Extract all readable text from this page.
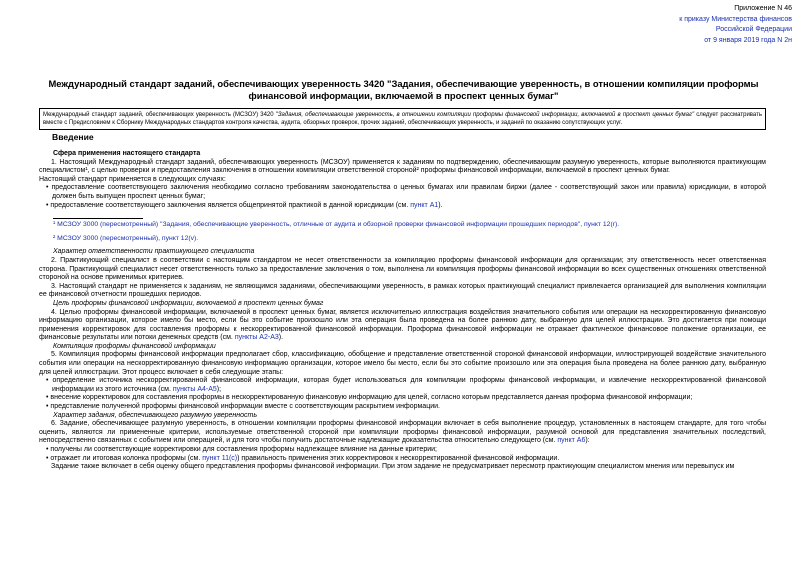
Приложение N 46
к приказу Министерства финансов
Российской Федерации
от 9 января 2019 года N 2н
Международный стандарт заданий, обеспечивающих уверенность 3420 "Задания, обеспечивающие уверенность, в отношении компиляции проформы финансовой информации, включаемой в проспект ценных бумаг"
Международный стандарт заданий, обеспечивающих уверенность (МСЗОУ) 3420 "Задания, обеспечивающие уверенность, в отношении компиляции проформы финансовой информации, включаемой в проспект ценных бумаг" следует рассматривать вместе с Предисловием к Сборнику Международных стандартов контроля качества, аудита, обзорных проверок, прочих заданий, обеспечивающих уверенность, и заданий по оказанию сопутствующих услуг.
Введение

Сфера применения настоящего стандарта

1. Настоящий Международный стандарт заданий, обеспечивающих уверенность (МСЗОУ) применяется к заданиям по подтверждению, обеспечивающим разумную уверенность, которые выполняются практикующим специалистом¹, с целью проверки и предоставления заключения в отношении компиляции ответственной стороной² проформы финансовой информации, включаемой в проспект ценных бумаг.

Настоящий стандарт применяется в следующих случаях:

• предоставление соответствующего заключения необходимо согласно требованиям законодательства о ценных бумагах или правилам биржи (далее - соответствующий закон или правила) юрисдикции, в которой должен быть выпущен проспект ценных бумаг;

• предоставление соответствующего заключения является общепринятой практикой в данной юрисдикции (см. пункт A1).

¹ МСЗОУ 3000 (пересмотренный) "Задания, обеспечивающие уверенность, отличные от аудита и обзорной проверки финансовой информации прошедших периодов", пункт 12(r).

² МСЗОУ 3000 (пересмотренный), пункт 12(v).

Характер ответственности практикующего специалиста

2. Практикующий специалист в соответствии с настоящим стандартом не несет ответственности за компиляцию проформы финансовой информации для организации; эту ответственность несет ответственная сторона. Практикующий специалист несет ответственность только за предоставление заключения о том, выполнена ли компиляция проформы финансовой информации во всех существенных отношениях ответственной стороной на основе применимых критериев.

3. Настоящий стандарт не применяется к заданиям, не являющимся заданиями, обеспечивающими уверенность, в рамках которых практикующий специалист привлекается организацией для выполнения компиляции ее финансовой отчетности прошедших периодов.

Цель проформы финансовой информации, включаемой в проспект ценных бумаг

4. Целью проформы финансовой информации, включаемой в проспект ценных бумаг, является исключительно иллюстрация воздействия значительного события или операции на нескорректированную финансовую информацию организации, которое имело бы место, если бы это событие произошло или эта операция была проведена на более раннюю дату, выбранную для целей иллюстрации. Это достигается при помощи применения корректировок для составления проформы к нескорректированной финансовой информации. Проформа финансовой информации не отражает фактическое финансовое положение организации, ее финансовые результаты или потоки денежных средств (см. пункты A2-A3).

Компиляция проформы финансовой информации

5. Компиляция проформы финансовой информации предполагает сбор, классификацию, обобщение и представление ответственной стороной финансовой информации, иллюстрирующей воздействие значительного события или операции на нескорректированную финансовую информацию организации, которое имело бы место, если бы это событие произошло или эта операция была проведена на более раннюю дату, выбранную для целей иллюстрации. Этот процесс включает в себя следующие этапы:

• определение источника нескорректированной финансовой информации, которая будет использоваться для компиляции проформы финансовой информации, и извлечение нескорректированной финансовой информации из этого источника (см. пункты A4-A5);

• внесение корректировок для составления проформы в нескорректированную финансовую информацию для целей, согласно которым представляется данная проформа финансовой информации;

• представление полученной проформы финансовой информации вместе с соответствующим раскрытием информации.

Характер задания, обеспечивающего разумную уверенность

6. Задание, обеспечивающее разумную уверенность, в отношении компиляции проформы финансовой информации включает в себя выполнение процедур, установленных в настоящем стандарте, для того чтобы оценить, являются ли примененные критерии, используемые ответственной стороной при компиляции проформы финансовой информации, разумной основой для представления значительных последствий, непосредственно связанных с событием или операцией, и для того чтобы получить достаточные надлежащие доказательства относительно следующего (см. пункт A6):

• получены ли соответствующие корректировки для составления проформы надлежащее влияние на данные критерии;

• отражает ли итоговая колонка проформы (см. пункт 11(c)) правильность применения этих корректировок к нескорректированной финансовой информации.

Задание также включает в себя оценку общего представления проформы финансовой информации. При этом задание не предусматривает пересмотр практикующим специалистом мнения или перевыпуск им
